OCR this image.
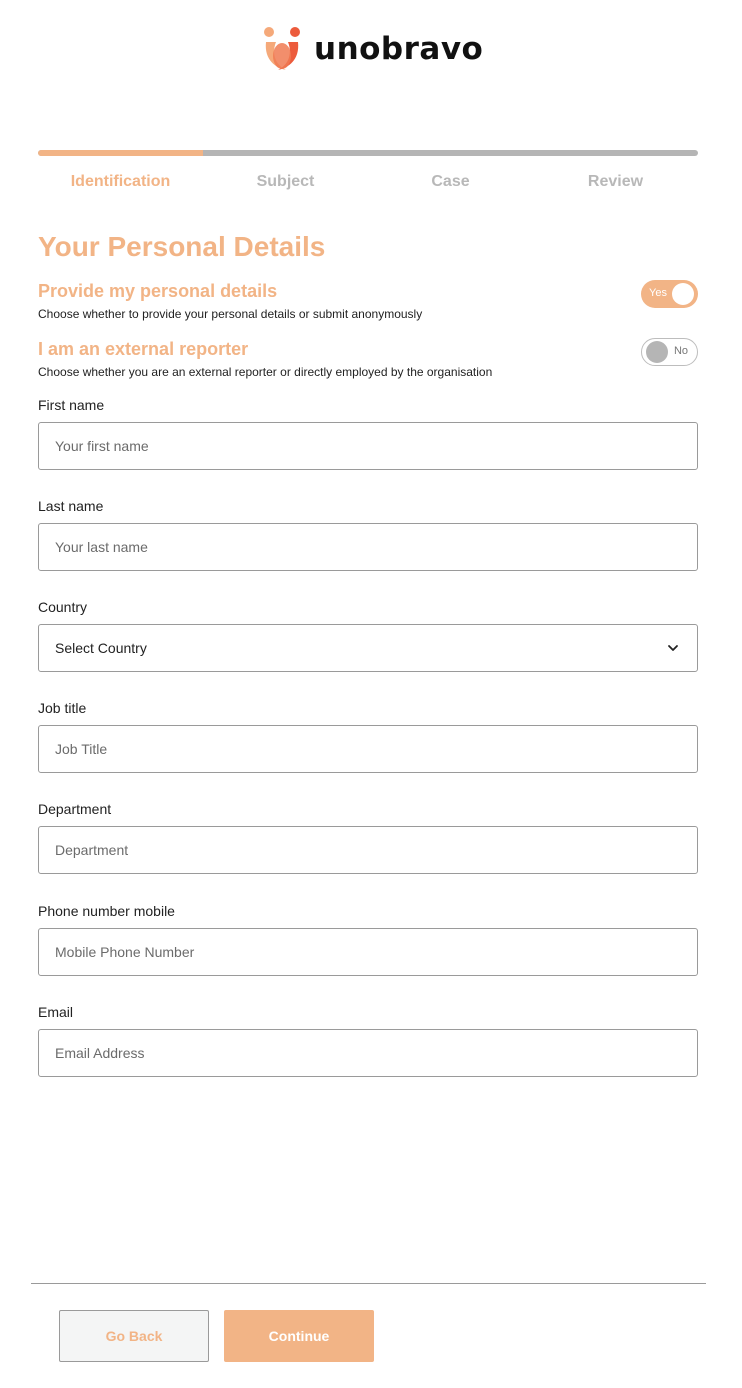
unobravo
Identification	Subject	Case	Review
Your Personal Details
Provide my personal details
Choose whether to provide your personal details or submit anonymously
Yes
I am an external reporter
Choose whether you are an external reporter or directly employed by the organisation
No
First name
Your first name
Last name
Your last name
Country
Select Country
Job title
Job Title
Department
Department
Phone number mobile
Mobile Phone Number
Email
Email Address
Go Back	Continue
